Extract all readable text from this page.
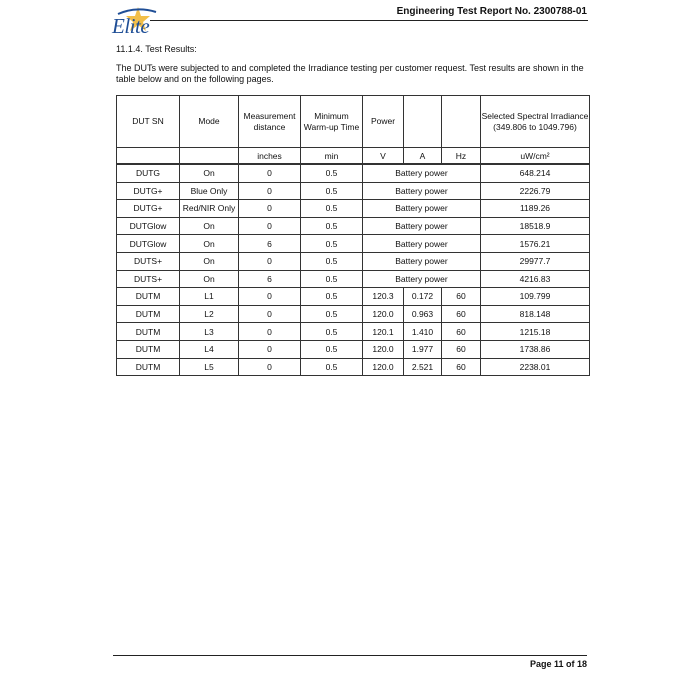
Elite
Engineering Test Report No. 2300788-01
11.1.4. Test Results:
The DUTs were subjected to and completed the Irradiance testing per customer request. Test results are shown in the table below and on the following pages.
DUT SN	Mode	Measurement distance	Minimum Warm-up Time	Power			Selected Spectral Irradiance (349.806 to 1049.796)
		inches	min	V	A	Hz	uW/cm²
DUTG	On	0	0.5	Battery power			648.214
DUTG+	Blue Only	0	0.5	Battery power			2226.79
DUTG+	Red/NIR Only	0	0.5	Battery power			1189.26
DUTGlow	On	0	0.5	Battery power			18518.9
DUTGlow	On	6	0.5	Battery power			1576.21
DUTS+	On	0	0.5	Battery power			29977.7
DUTS+	On	6	0.5	Battery power			4216.83
DUTM	L1	0	0.5	120.3	0.172	60	109.799
DUTM	L2	0	0.5	120.0	0.963	60	818.148
DUTM	L3	0	0.5	120.1	1.410	60	1215.18
DUTM	L4	0	0.5	120.0	1.977	60	1738.86
DUTM	L5	0	0.5	120.0	2.521	60	2238.01
Page 11 of 18
